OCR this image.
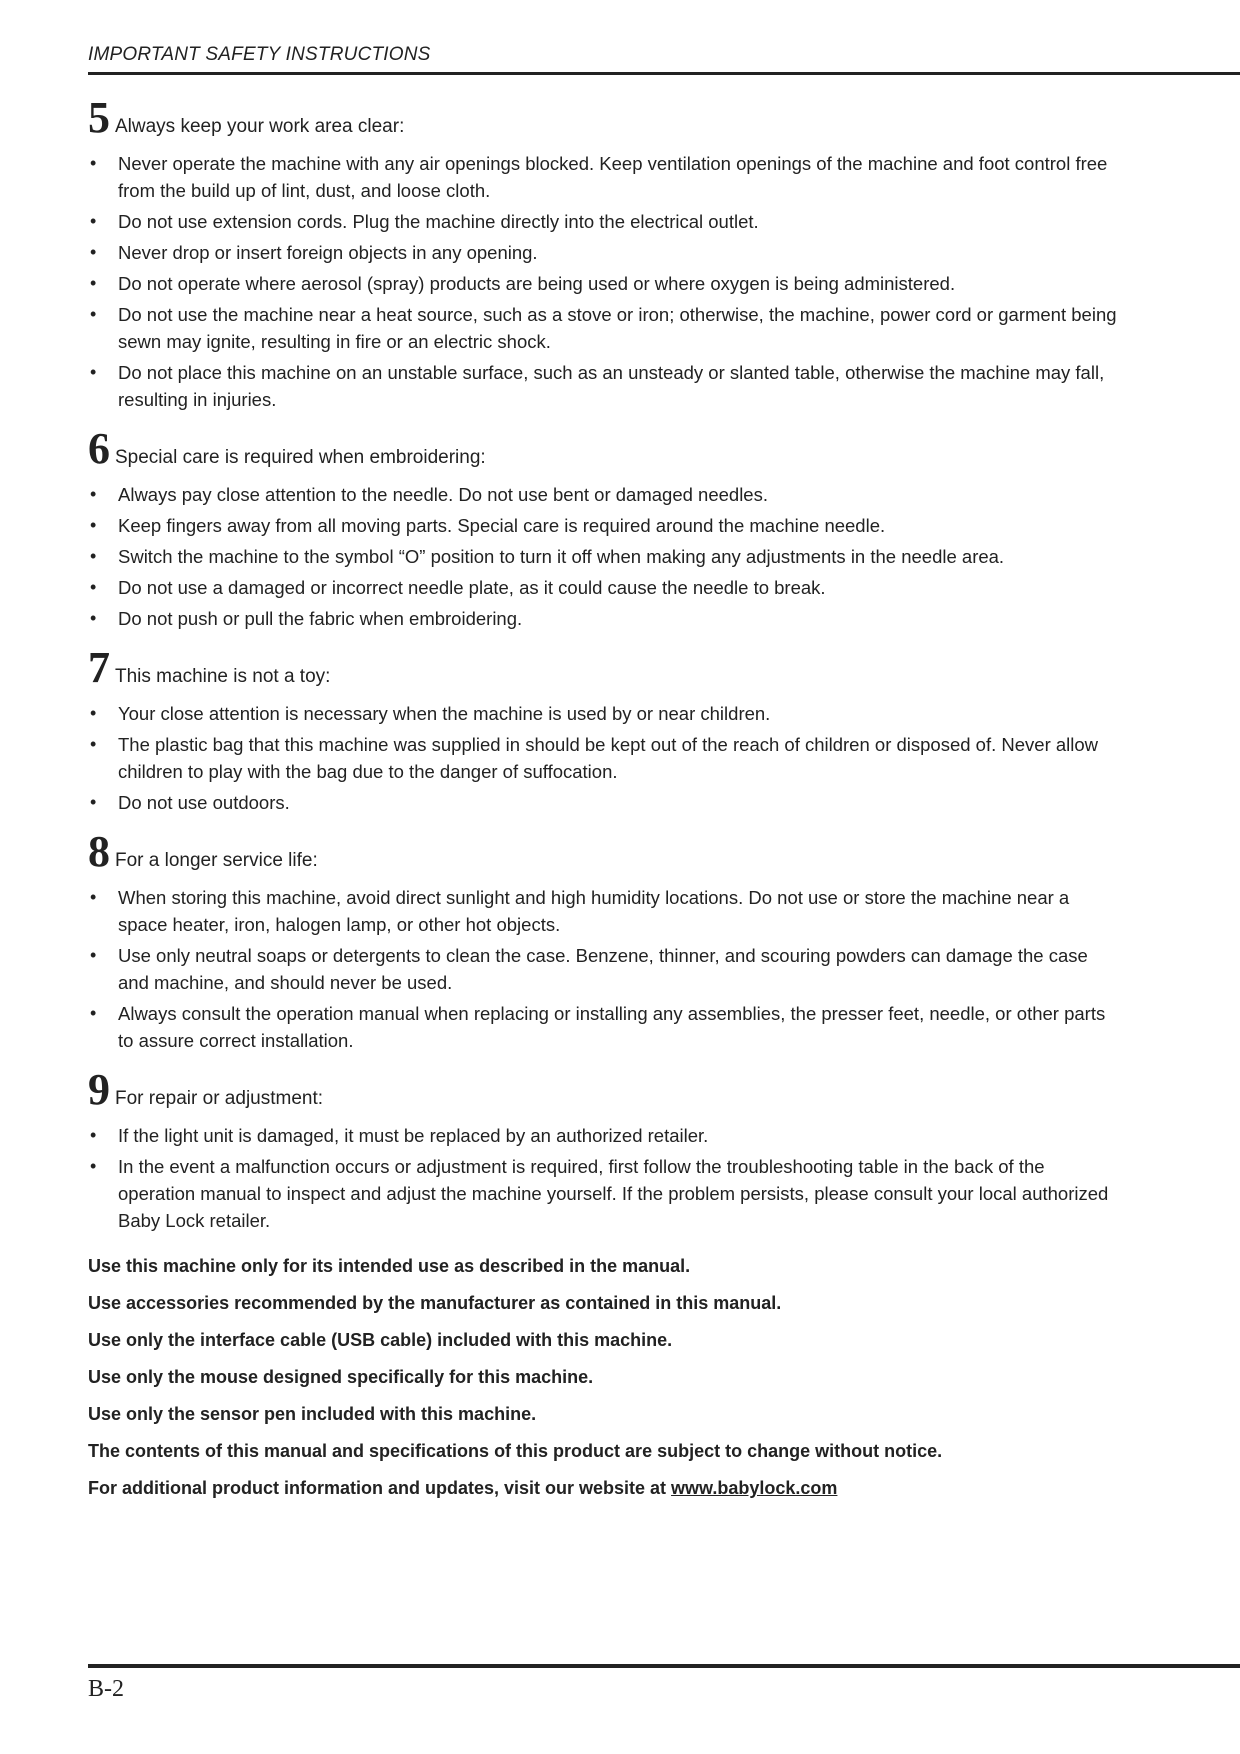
IMPORTANT SAFETY INSTRUCTIONS
5 Always keep your work area clear:
• Never operate the machine with any air openings blocked. Keep ventilation openings of the machine and foot control free from the build up of lint, dust, and loose cloth.
• Do not use extension cords. Plug the machine directly into the electrical outlet.
• Never drop or insert foreign objects in any opening.
• Do not operate where aerosol (spray) products are being used or where oxygen is being administered.
• Do not use the machine near a heat source, such as a stove or iron; otherwise, the machine, power cord or garment being sewn may ignite, resulting in fire or an electric shock.
• Do not place this machine on an unstable surface, such as an unsteady or slanted table, otherwise the machine may fall, resulting in injuries.
6 Special care is required when embroidering:
• Always pay close attention to the needle. Do not use bent or damaged needles.
• Keep fingers away from all moving parts. Special care is required around the machine needle.
• Switch the machine to the symbol “O” position to turn it off when making any adjustments in the needle area.
• Do not use a damaged or incorrect needle plate, as it could cause the needle to break.
• Do not push or pull the fabric when embroidering.
7 This machine is not a toy:
• Your close attention is necessary when the machine is used by or near children.
• The plastic bag that this machine was supplied in should be kept out of the reach of children or disposed of. Never allow children to play with the bag due to the danger of suffocation.
• Do not use outdoors.
8 For a longer service life:
• When storing this machine, avoid direct sunlight and high humidity locations. Do not use or store the machine near a space heater, iron, halogen lamp, or other hot objects.
• Use only neutral soaps or detergents to clean the case. Benzene, thinner, and scouring powders can damage the case and machine, and should never be used.
• Always consult the operation manual when replacing or installing any assemblies, the presser feet, needle, or other parts to assure correct installation.
9 For repair or adjustment:
• If the light unit is damaged, it must be replaced by an authorized retailer.
• In the event a malfunction occurs or adjustment is required, first follow the troubleshooting table in the back of the operation manual to inspect and adjust the machine yourself. If the problem persists, please consult your local authorized Baby Lock retailer.
Use this machine only for its intended use as described in the manual.
Use accessories recommended by the manufacturer as contained in this manual.
Use only the interface cable (USB cable) included with this machine.
Use only the mouse designed specifically for this machine.
Use only the sensor pen included with this machine.
The contents of this manual and specifications of this product are subject to change without notice.
For additional product information and updates, visit our website at www.babylock.com
B-2
